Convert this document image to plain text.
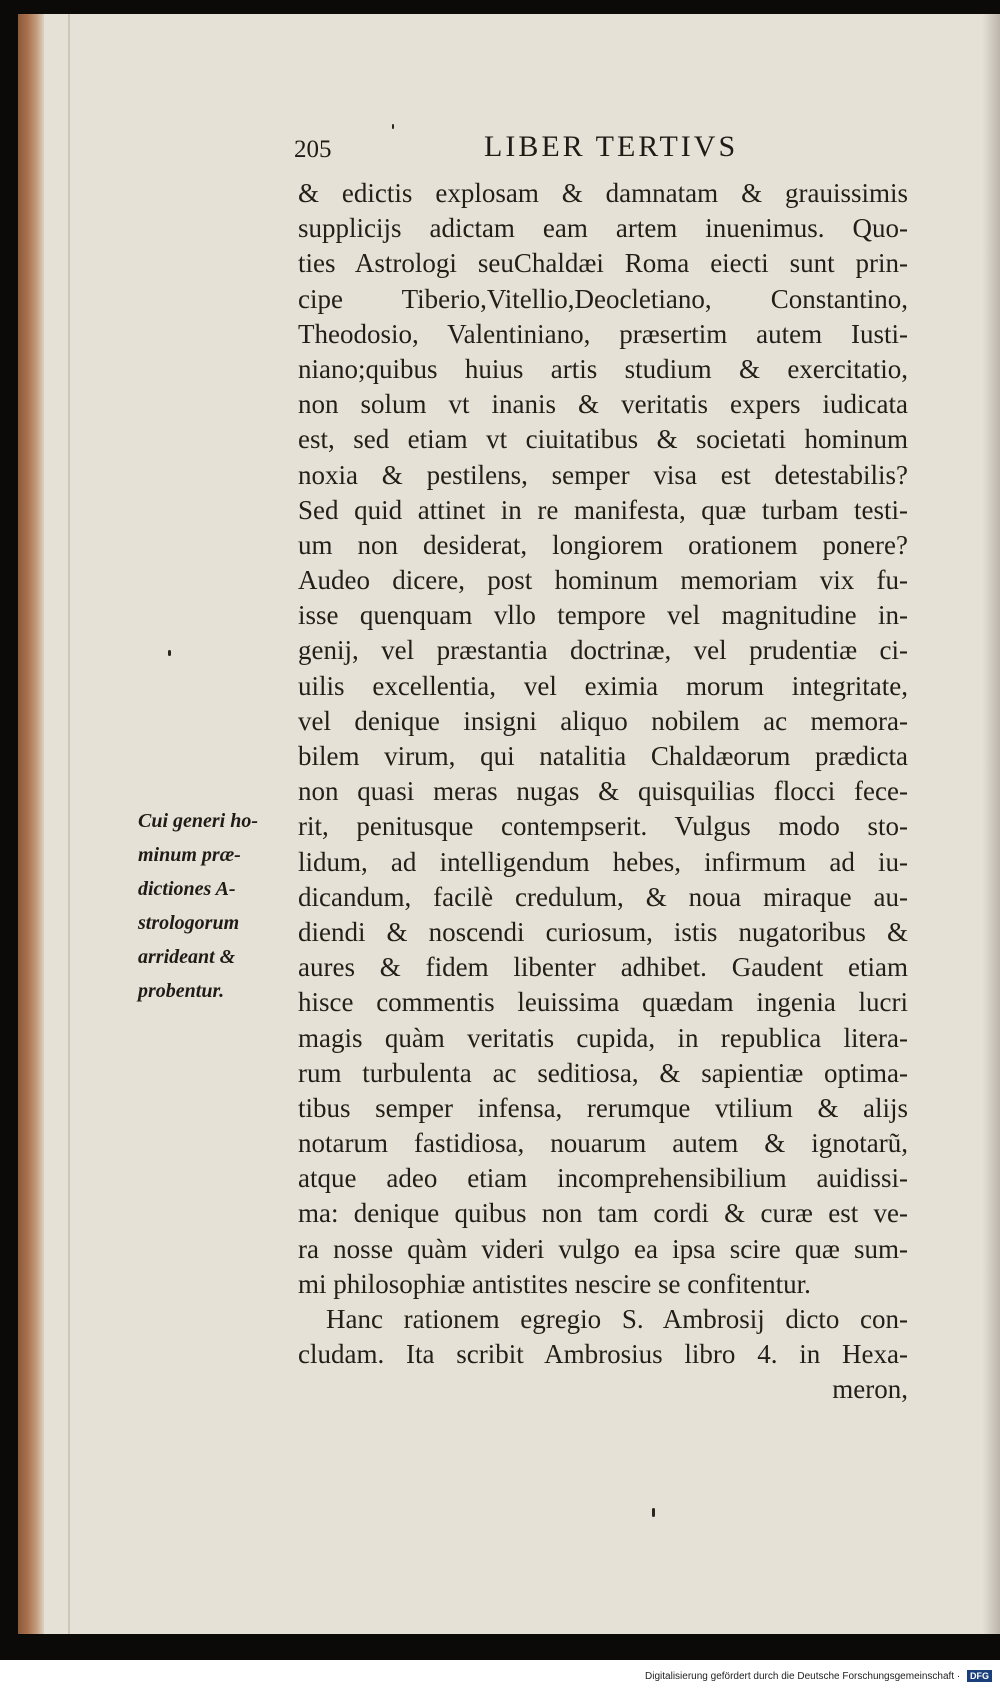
205	LIBER TERTIVS
& edictis explosam & damnatam & grauissimis
supplicijs adictam eam artem inuenimus. Quo-
ties Astrologi seuChaldæi Roma eiecti sunt prin-
cipe Tiberio,Vitellio,Deocletiano, Constantino,
Theodosio, Valentiniano, præsertim autem Iusti-
niano;quibus huius artis studium & exercitatio,
non solum vt inanis & veritatis expers iudicata
est, sed etiam vt ciuitatibus & societati hominum
noxia & pestilens, semper visa est detestabilis?
Sed quid attinet in re manifesta, quæ turbam testi-
um non desiderat, longiorem orationem ponere?
Audeo dicere, post hominum memoriam vix fu-
isse quenquam vllo tempore vel magnitudine in-
genij, vel præstantia doctrinæ, vel prudentiæ ci-
uilis excellentia, vel eximia morum integritate,
vel denique insigni aliquo nobilem ac memora-
bilem virum, qui natalitia Chaldæorum prædicta
non quasi meras nugas & quisquilias flocci fece-
rit, penitusque contempserit. Vulgus modo sto-
lidum, ad intelligendum hebes, infirmum ad iu-
dicandum, facilè credulum, & noua miraque au-
diendi & noscendi curiosum, istis nugatoribus &
aures & fidem libenter adhibet. Gaudent etiam
hisce commentis leuissima quædam ingenia lucri
magis quàm veritatis cupida, in republica litera-
rum turbulenta ac seditiosa, & sapientiæ optima-
tibus semper infensa, rerumque vtilium & alijs
notarum fastidiosa, nouarum autem & ignotarũ,
atque adeo etiam incomprehensibilium auidissi-
ma: denique quibus non tam cordi & curæ est ve-
ra nosse quàm videri vulgo ea ipsa scire quæ sum-
mi philosophiæ antistites nescire se confitentur.
Hanc rationem egregio S. Ambrosij dicto con-
cludam. Ita scribit Ambrosius libro 4. in Hexa-
meron,
Cui generi ho-
minum præ-
dictiones A-
strologorum
arrideant &
probentur.
Digitalisierung gefördert durch die Deutsche Forschungsgemeinschaft · DFG
